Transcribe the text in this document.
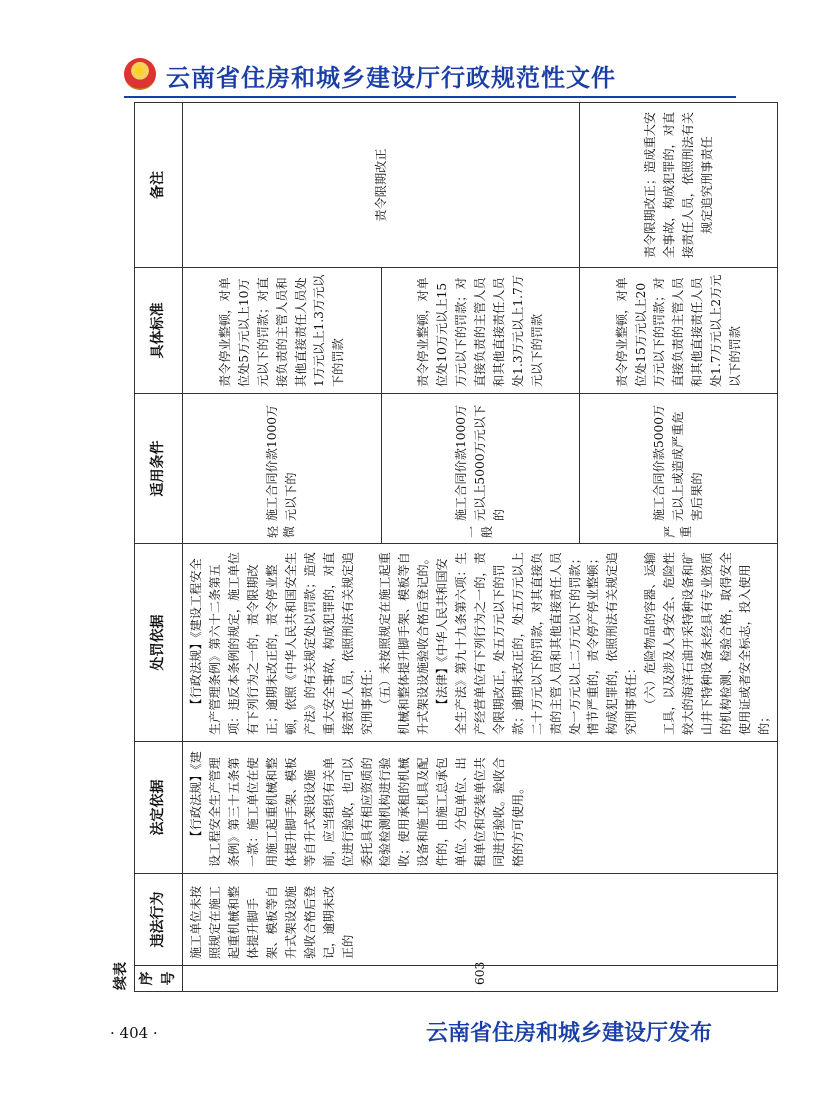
★
云南省住房和城乡建设厅行政规范性文件
续表 序号	违法行为	法定依据	处罚依据	适用条件	具体标准	备注
603	施工单位未按照规定在施工起重机械和整体提升脚手架、模板等自升式架设设施验收合格后登记，逾期未改正的	【行政法规】《建设工程安全生产管理条例》第三十五条第一款：施工单位在使用施工起重机械和整体提升脚手架、模板等自升式架设设施前，应当组织有关单位进行验收，也可以委托具有相应资质的检验检测机构进行验收；使用承租的机械设备和施工机具及配件的，由施工总承包单位、分包单位、出租单位和安装单位共同进行验收。验收合格的方可使用。	【行政法规】《建设工程安全生产管理条例》第六十二条第五项：违反本条例的规定，施工单位有下列行为之一的，责令限期改正；逾期未改正的，责令停业整顿，依照《中华人民共和国安全生产法》的有关规定处以罚款；造成重大安全事故，构成犯罪的，对直接责任人员，依照刑法有关规定追究刑事责任： （五）未按照规定在施工起重机械和整体提升脚手架、模板等自升式架设设施验收合格后登记的。 【法律】《中华人民共和国安全生产法》第九十九条第六项：生产经营单位有下列行为之一的，责令限期改正，处五万元以下的罚款；逾期未改正的，处五万元以上二十万元以下的罚款，对其直接负责的主管人员和其他直接责任人员处一万元以上二万元以下的罚款；情节严重的，责令停产停业整顿；构成犯罪的，依照刑法有关规定追究刑事责任： （六）危险物品的容器、运输工具，以及涉及人身安全、危险性较大的海洋石油开采特种设备和矿山井下特种设备未经具有专业资质的机构检测、检验合格，取得安全使用证或者安全标志，投入使用的；	轻微 施工合同价款1000万元以下的	责令停业整顿，对单位处5万元以上10万元以下的罚款；对直接负责的主管人员和其他直接责任人员处1万元以上1.3万元以下的罚款	责令限期改正
				一般 施工合同价款1000万元以上5000万元以下的	责令停业整顿，对单位处10万元以上15万元以下的罚款；对直接负责的主管人员和其他直接责任人员处1.3万元以上1.7万元以下的罚款	
				严重 施工合同价款5000万元以上或造成严重危害后果的	责令停业整顿，对单位处15万元以上20万元以下的罚款；对直接负责的主管人员和其他直接责任人员处1.7万元以上2万元以下的罚款	责令限期改正；造成重大安全事故，构成犯罪的，对直接责任人员，依照刑法有关规定追究刑事责任
· 404 ·	云南省住房和城乡建设厅发布
